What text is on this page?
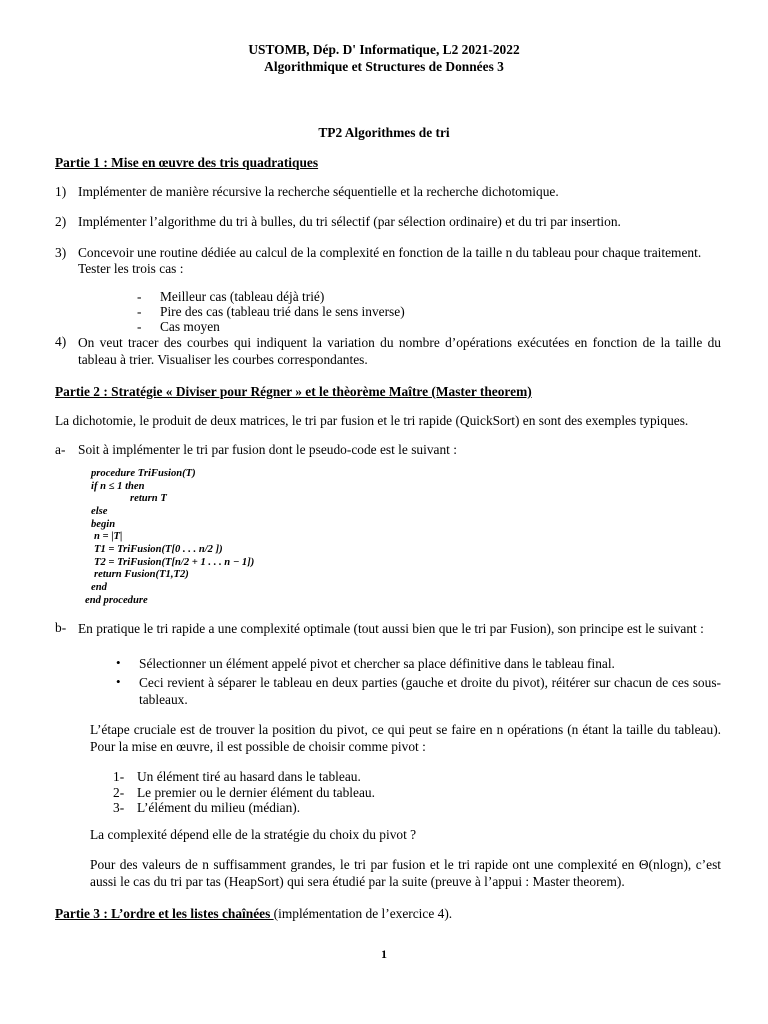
USTOMB, Dép. D' Informatique, L2 2021-2022
Algorithmique et Structures de Données 3
TP2 Algorithmes de tri
Partie 1 : Mise en œuvre des tris quadratiques
1) Implémenter de manière récursive la recherche séquentielle et la recherche dichotomique.
2) Implémenter l’algorithme du tri à bulles, du tri sélectif (par sélection ordinaire) et du tri par insertion.
3) Concevoir une routine dédiée au calcul de la complexité en fonction de la taille n du tableau pour chaque traitement.
Tester les trois cas :
- Meilleur cas (tableau déjà trié)
- Pire des cas (tableau trié dans le sens inverse)
- Cas moyen
4) On veut tracer des courbes qui indiquent la variation du nombre d’opérations exécutées en fonction de la taille du tableau à trier. Visualiser les courbes correspondantes.
Partie 2 : Stratégie « Diviser pour Régner » et le thèorème Maître (Master theorem)
La dichotomie, le produit de deux matrices, le tri par fusion et le tri rapide (QuickSort) en sont des exemples typiques.
a- Soit à implémenter le tri par fusion dont le pseudo-code est le suivant :
procedure TriFusion(T)
if n ≤ 1 then
return T
else
begin
n = |T|
T1 = TriFusion(T[0 . . . n/2 ])
T2 = TriFusion(T[n/2 + 1 . . . n − 1])
return Fusion(T1,T2)
end
end procedure
b- En pratique le tri rapide a une complexité optimale (tout aussi bien que le tri par Fusion), son principe est le suivant :
• Sélectionner un élément appelé pivot et chercher sa place définitive dans le tableau final.
• Ceci revient à séparer le tableau en deux parties (gauche et droite du pivot), réitérer sur chacun de ces sous-tableaux.
L’étape cruciale est de trouver la position du pivot, ce qui peut se faire en n opérations (n étant la taille du tableau). Pour la mise en œuvre, il est possible de choisir comme pivot :
1- Un élément tiré au hasard dans le tableau.
2- Le premier ou le dernier élément du tableau.
3- L’élément du milieu (médian).
La complexité dépend elle de la stratégie du choix du pivot ?
Pour des valeurs de n suffisamment grandes, le tri par fusion et le tri rapide ont une complexité en Θ(nlogn), c’est aussi le cas du tri par tas (HeapSort) qui sera étudié par la suite (preuve à l’appui : Master theorem).
Partie 3 : L’ordre et les listes chaînées (implémentation de l’exercice 4).
1
